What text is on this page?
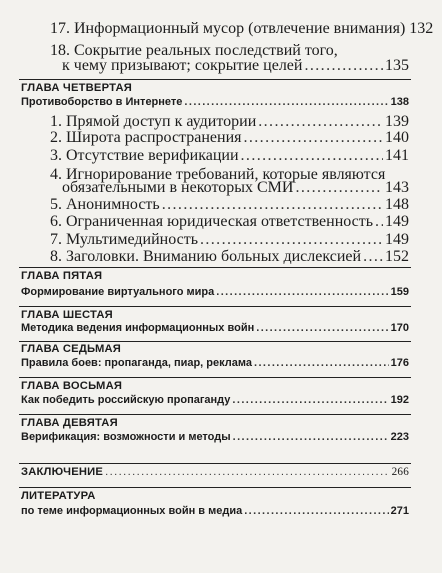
17. Информационный мусор (отвлечение внимания) 132
18. Сокрытие реальных последствий того,
к чему призывают; сокрытие целей .....	135
ГЛАВА ЧЕТВЕРТАЯ
Противоборство в Интернете .....	138
1. Прямой доступ к аудитории .....	139
2. Широта распространения .....	140
3. Отсутствие верификации .....	141
4. Игнорирование требований, которые являются
обязательными в некоторых СМИ .....	143
5. Анонимность .....	148
6. Ограниченная юридическая ответственность ..... 149
7. Мультимедийность .....	149
8. Заголовки. Вниманию больных дислексией ..... 152
ГЛАВА ПЯТАЯ
Формирование виртуального мира .....	159
ГЛАВА ШЕСТАЯ
Методика ведения информационных войн .....	170
ГЛАВА СЕДЬМАЯ
Правила боев: пропаганда, пиар, реклама .....	176
ГЛАВА ВОСЬМАЯ
Как победить российскую пропаганду .....	192
ГЛАВА ДЕВЯТАЯ
Верификация: возможности и методы .....	223
ЗАКЛЮЧЕНИЕ .....	266
ЛИТЕРАТУРА
по теме информационных войн в медиа .....	271
